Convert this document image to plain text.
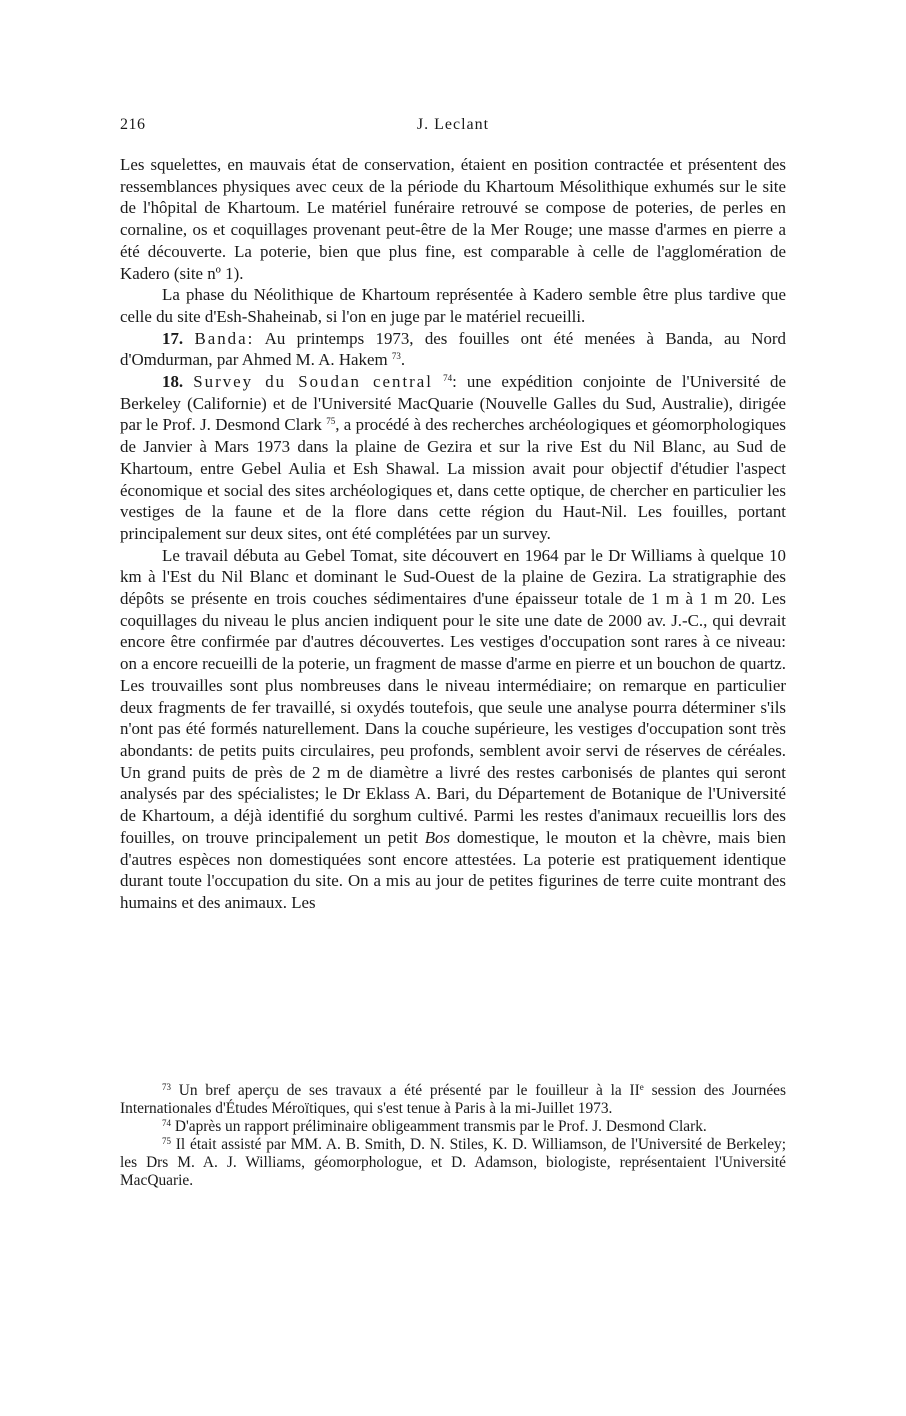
216	J. Leclant

Les squelettes, en mauvais état de conservation, étaient en position contractée et présentent des ressemblances physiques avec ceux de la période du Khartoum Mésolithique exhumés sur le site de l'hôpital de Khartoum. Le matériel funéraire retrouvé se compose de poteries, de perles en cornaline, os et coquillages provenant peut-être de la Mer Rouge; une masse d'armes en pierre a été découverte. La poterie, bien que plus fine, est comparable à celle de l'agglomération de Kadero (site nº 1).

La phase du Néolithique de Khartoum représentée à Kadero semble être plus tardive que celle du site d'Esh-Shaheinab, si l'on en juge par le matériel recueilli.

17. Banda: Au printemps 1973, des fouilles ont été menées à Banda, au Nord d'Omdurman, par Ahmed M. A. Hakem $^{73}$.

18. Survey du Soudan central $^{74}$: une expédition conjointe de l'Université de Berkeley (Californie) et de l'Université MacQuarie (Nouvelle Galles du Sud, Australie), dirigée par le Prof. J. Desmond Clark $^{75}$, a procédé à des recherches archéologiques et géomorphologiques de Janvier à Mars 1973 dans la plaine de Gezira et sur la rive Est du Nil Blanc, au Sud de Khartoum, entre Gebel Aulia et Esh Shawal. La mission avait pour objectif d'étudier l'aspect économique et social des sites archéologiques et, dans cette optique, de chercher en particulier les vestiges de la faune et de la flore dans cette région du Haut-Nil. Les fouilles, portant principalement sur deux sites, ont été complétées par un survey.

Le travail débuta au Gebel Tomat, site découvert en 1964 par le Dr Williams à quelque 10 km à l'Est du Nil Blanc et dominant le Sud-Ouest de la plaine de Gezira. La stratigraphie des dépôts se présente en trois couches sédimentaires d'une épaisseur totale de 1 m à 1 m 20. Les coquillages du niveau le plus ancien indiquent pour le site une date de 2000 av. J.-C., qui devrait encore être confirmée par d'autres découvertes. Les vestiges d'occupation sont rares à ce niveau: on a encore recueilli de la poterie, un fragment de masse d'arme en pierre et un bouchon de quartz. Les trouvailles sont plus nombreuses dans le niveau intermédiaire; on remarque en particulier deux fragments de fer travaillé, si oxydés toutefois, que seule une analyse pourra déterminer s'ils n'ont pas été formés naturellement. Dans la couche supérieure, les vestiges d'occupation sont très abondants: de petits puits circulaires, peu profonds, semblent avoir servi de réserves de céréales. Un grand puits de près de 2 m de diamètre a livré des restes carbonisés de plantes qui seront analysés par des spécialistes; le Dr Eklass A. Bari, du Département de Botanique de l'Université de Khartoum, a déjà identifié du sorghum cultivé. Parmi les restes d'animaux recueillis lors des fouilles, on trouve principalement un petit Bos domestique, le mouton et la chèvre, mais bien d'autres espèces non domestiquées sont encore attestées. La poterie est pratiquement identique durant toute l'occupation du site. On a mis au jour de petites figurines de terre cuite montrant des humains et des animaux. Les

$^{73}$ Un bref aperçu de ses travaux a été présenté par le fouilleur à la IIe session des Journées Internationales d'Études Méroïtiques, qui s'est tenue à Paris à la mi-Juillet 1973.

$^{74}$ D'après un rapport préliminaire obligeamment transmis par le Prof. J. Desmond Clark.

$^{75}$ Il était assisté par MM. A. B. Smith, D. N. Stiles, K. D. Williamson, de l'Université de Berkeley; les Drs M. A. J. Williams, géomorphologue, et D. Adamson, biologiste, représentaient l'Université MacQuarie.
